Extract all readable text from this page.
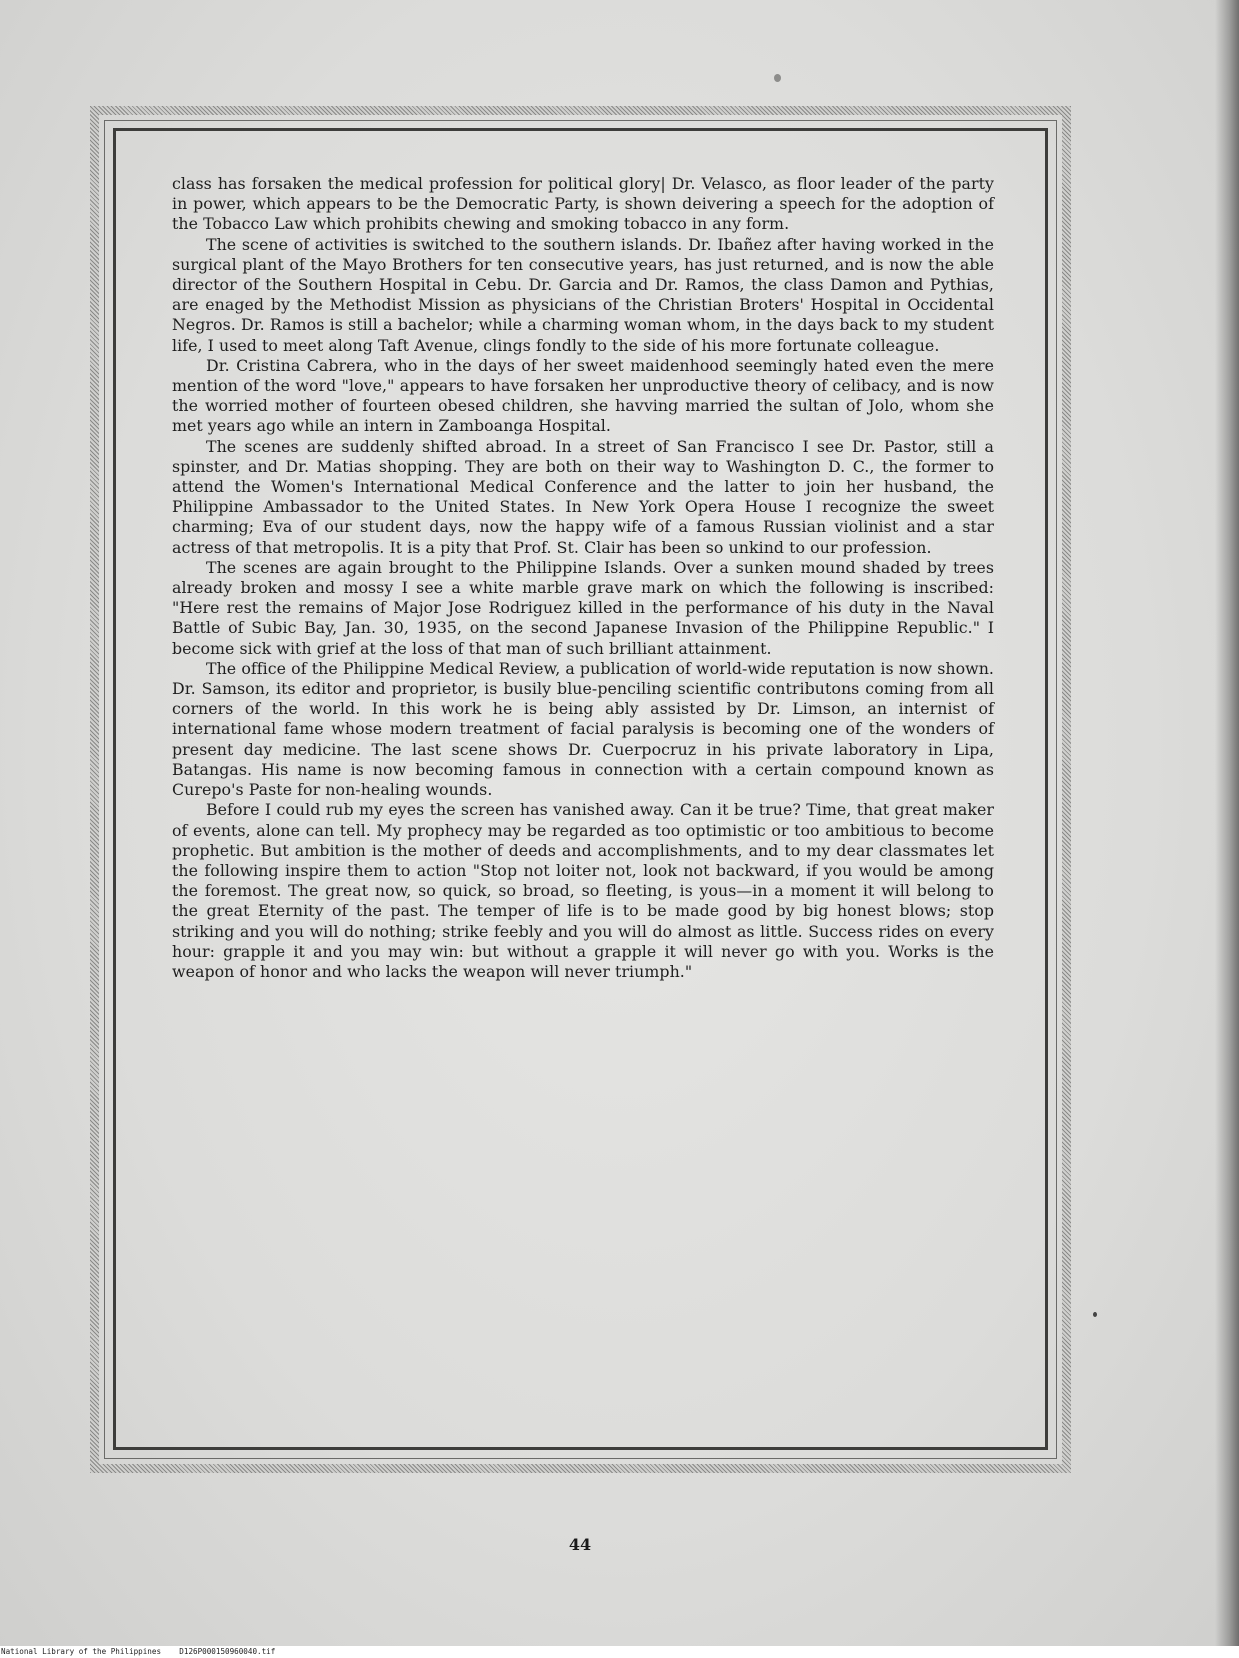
class has forsaken the medical profession for political glory| Dr. Velasco, as floor leader of the party in power, which appears to be the Democratic Party, is shown deivering a speech for the adoption of the Tobacco Law which prohibits chewing and smoking tobacco in any form.

The scene of activities is switched to the southern islands. Dr. Ibañez after having worked in the surgical plant of the Mayo Brothers for ten consecutive years, has just returned, and is now the able director of the Southern Hospital in Cebu. Dr. Garcia and Dr. Ramos, the class Damon and Pythias, are enaged by the Methodist Mission as physicians of the Christian Broters' Hospital in Occidental Negros. Dr. Ramos is still a bachelor; while a charming woman whom, in the days back to my student life, I used to meet along Taft Avenue, clings fondly to the side of his more fortunate colleague.

Dr. Cristina Cabrera, who in the days of her sweet maidenhood seemingly hated even the mere mention of the word "love," appears to have forsaken her unproductive theory of celibacy, and is now the worried mother of fourteen obesed children, she havving married the sultan of Jolo, whom she met years ago while an intern in Zamboanga Hospital.

The scenes are suddenly shifted abroad. In a street of San Francisco I see Dr. Pastor, still a spinster, and Dr. Matias shopping. They are both on their way to Washington D. C., the former to attend the Women's International Medical Conference and the latter to join her husband, the Philippine Ambassador to the United States. In New York Opera House I recognize the sweet charming; Eva of our student days, now the happy wife of a famous Russian violinist and a star actress of that metropolis. It is a pity that Prof. St. Clair has been so unkind to our profession.

The scenes are again brought to the Philippine Islands. Over a sunken mound shaded by trees already broken and mossy I see a white marble grave mark on which the following is inscribed: "Here rest the remains of Major Jose Rodriguez killed in the performance of his duty in the Naval Battle of Subic Bay, Jan. 30, 1935, on the second Japanese Invasion of the Philippine Republic." I become sick with grief at the loss of that man of such brilliant attainment.

The office of the Philippine Medical Review, a publication of world-wide reputation is now shown. Dr. Samson, its editor and proprietor, is busily blue-penciling scientific contributons coming from all corners of the world. In this work he is being ably assisted by Dr. Limson, an internist of international fame whose modern treatment of facial paralysis is becoming one of the wonders of present day medicine. The last scene shows Dr. Cuerpocruz in his private laboratory in Lipa, Batangas. His name is now becoming famous in connection with a certain compound known as Curepo's Paste for non-healing wounds.

Before I could rub my eyes the screen has vanished away. Can it be true? Time, that great maker of events, alone can tell. My prophecy may be regarded as too optimistic or too ambitious to become prophetic. But ambition is the mother of deeds and accomplishments, and to my dear classmates let the following inspire them to action "Stop not loiter not, look not backward, if you would be among the foremost. The great now, so quick, so broad, so fleeting, is yous—in a moment it will belong to the great Eternity of the past. The temper of life is to be made good by big honest blows; stop striking and you will do nothing; strike feebly and you will do almost as little. Success rides on every hour: grapple it and you may win: but without a grapple it will never go with you. Works is the weapon of honor and who lacks the weapon will never triumph."

44
National Library of the Philippines    D126P000150960040.tif
